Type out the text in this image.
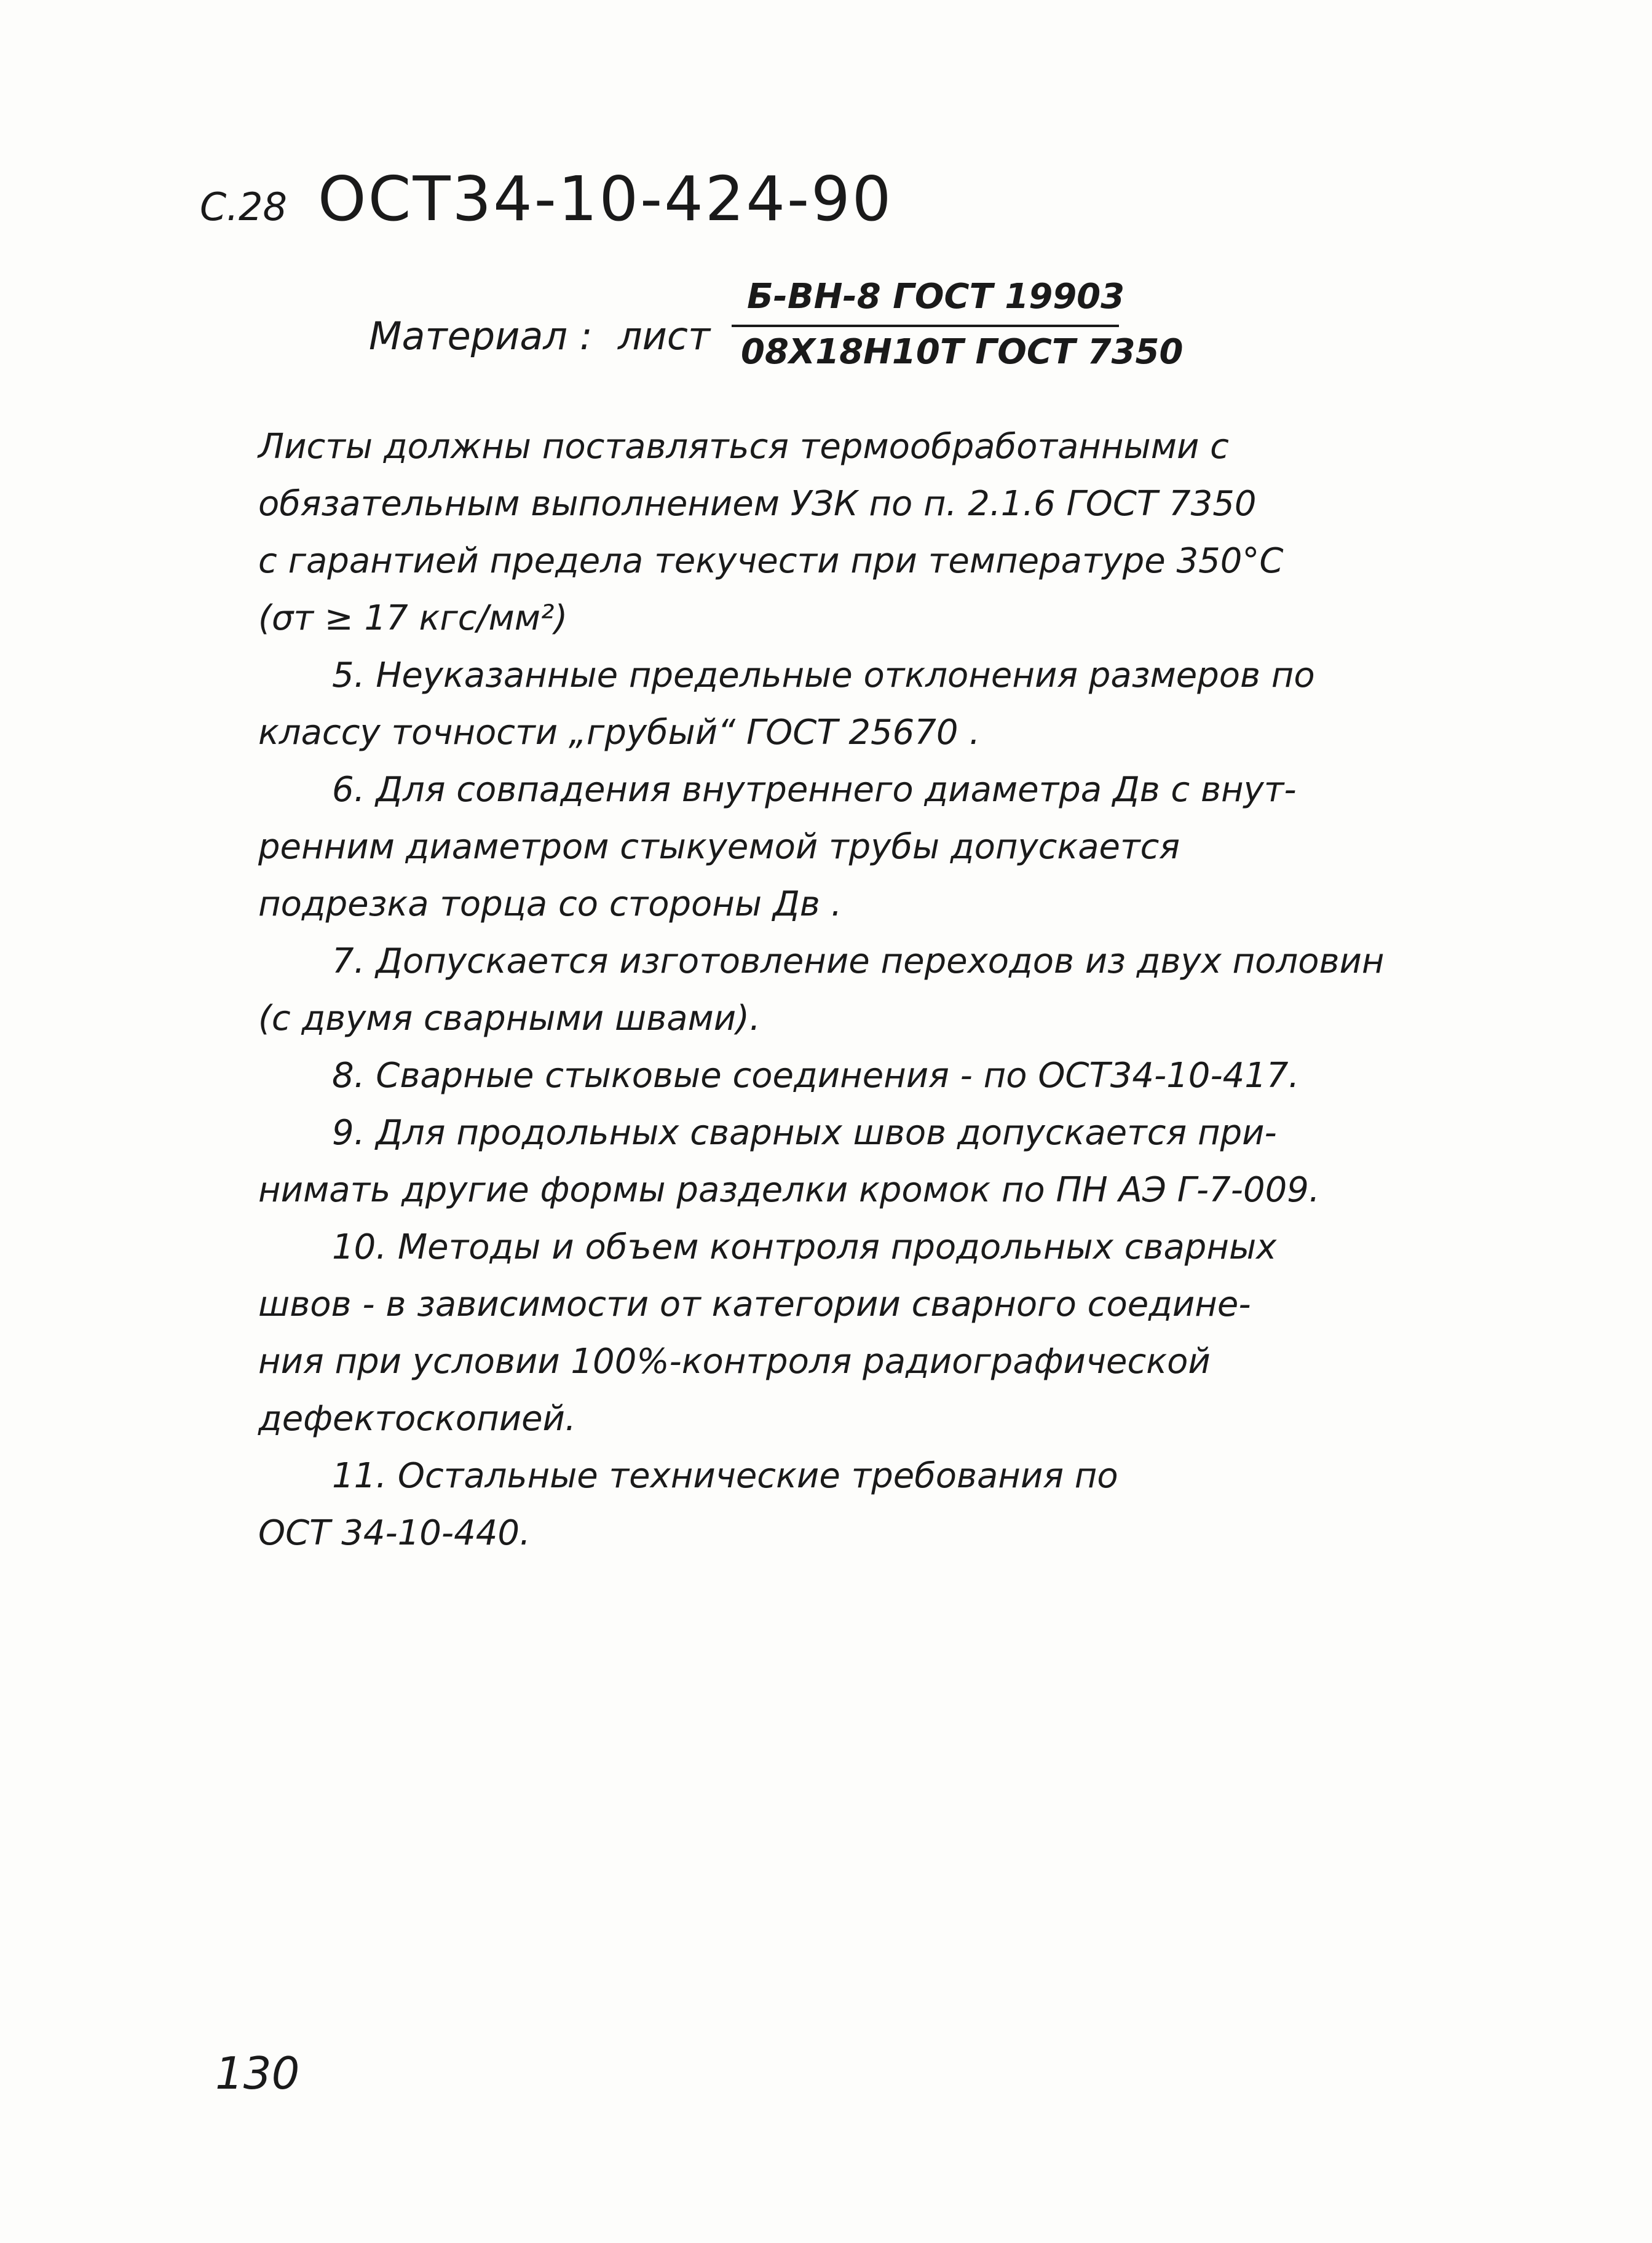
С.28 ОСТ34-10-424-90
Материал : лист
Б-ВН-8 ГОСТ 19903
08Х18Н10Т ГОСТ 7350
Листы должны поставляться термообработанными с
обязательным выполнением УЗК по п. 2.1.6 ГОСТ 7350
с гарантией предела текучести при температуре 350°С
(σт ≥ 17 кгс/мм²)
5. Неуказанные предельные отклонения размеров по
классу точности „грубый“ ГОСТ 25670 .
6. Для совпадения внутреннего диаметра Дв с внут-
ренним диаметром стыкуемой трубы допускается
подрезка торца со стороны Дв .
7. Допускается изготовление переходов из двух половин
(с двумя сварными швами).
8. Сварные стыковые соединения - по ОСТ34-10-417.
9. Для продольных сварных швов допускается при-
нимать другие формы разделки кромок по ПН АЭ Г-7-009.
10. Методы и объем контроля продольных сварных
швов - в зависимости от категории сварного соедине-
ния при условии 100%-контроля радиографической
дефектоскопией.
11. Остальные технические требования по
ОСТ 34-10-440.
130
